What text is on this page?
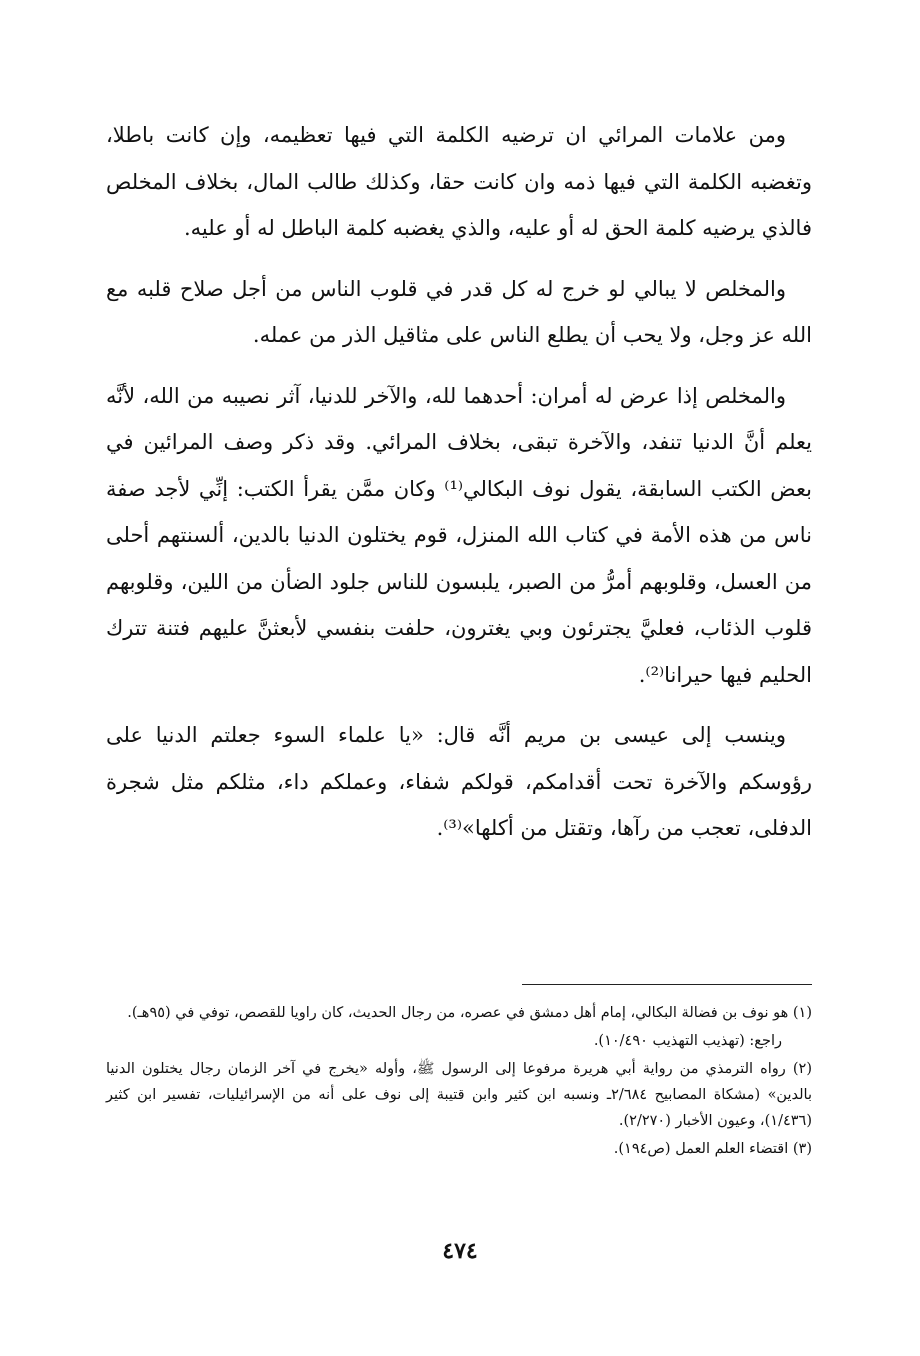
ومن علامات المرائي ان ترضيه الكلمة التي فيها تعظيمه، وإن كانت باطلا، وتغضبه الكلمة التي فيها ذمه وان كانت حقا، وكذلك طالب المال، بخلاف المخلص فالذي يرضيه كلمة الحق له أو عليه، والذي يغضبه كلمة الباطل له أو عليه.

والمخلص لا يبالي لو خرج له كل قدر في قلوب الناس من أجل صلاح قلبه مع الله عز وجل، ولا يحب أن يطلع الناس على مثاقيل الذر من عمله.

والمخلص إذا عرض له أمران: أحدهما لله، والآخر للدنيا، آثر نصيبه من الله، لأنَّه يعلم أنَّ الدنيا تنفد، والآخرة تبقى، بخلاف المرائي. وقد ذكر وصف المرائين في بعض الكتب السابقة، يقول نوف البكالي⁽¹⁾ وكان ممَّن يقرأ الكتب: إنِّي لأجد صفة ناس من هذه الأمة في كتاب الله المنزل، قوم يختلون الدنيا بالدين، ألسنتهم أحلى من العسل، وقلوبهم أمرُّ من الصبر، يلبسون للناس جلود الضأن من اللين، وقلوبهم قلوب الذئاب، فعليَّ يجترئون وبي يغترون، حلفت بنفسي لأبعثنَّ عليهم فتنة تترك الحليم فيها حيرانا⁽²⁾.

وينسب إلى عيسى بن مريم أنَّه قال: «يا علماء السوء جعلتم الدنيا على رؤوسكم والآخرة تحت أقدامكم، قولكم شفاء، وعملكم داء، مثلكم مثل شجرة الدفلى، تعجب من رآها، وتقتل من أكلها»⁽³⁾.

(١) هو نوف بن فضالة البكالي، إمام أهل دمشق في عصره، من رجال الحديث، كان راويا للقصص، توفي في (٩٥هـ).

راجع: (تهذيب التهذيب ١٠/٤٩٠).

(٢) رواه الترمذي من رواية أبي هريرة مرفوعا إلى الرسول ﷺ، وأوله «يخرج في آخر الزمان رجال يختلون الدنيا بالدين» (مشكاة المصابيح ٢/٦٨٤ـ ونسبه ابن كثير وابن قتيبة إلى نوف على أنه من الإسرائيليات، تفسير ابن كثير (١/٤٣٦)، وعيون الأخبار (٢/٢٧٠).

(٣) اقتضاء العلم العمل (ص١٩٤).

٤٧٤
